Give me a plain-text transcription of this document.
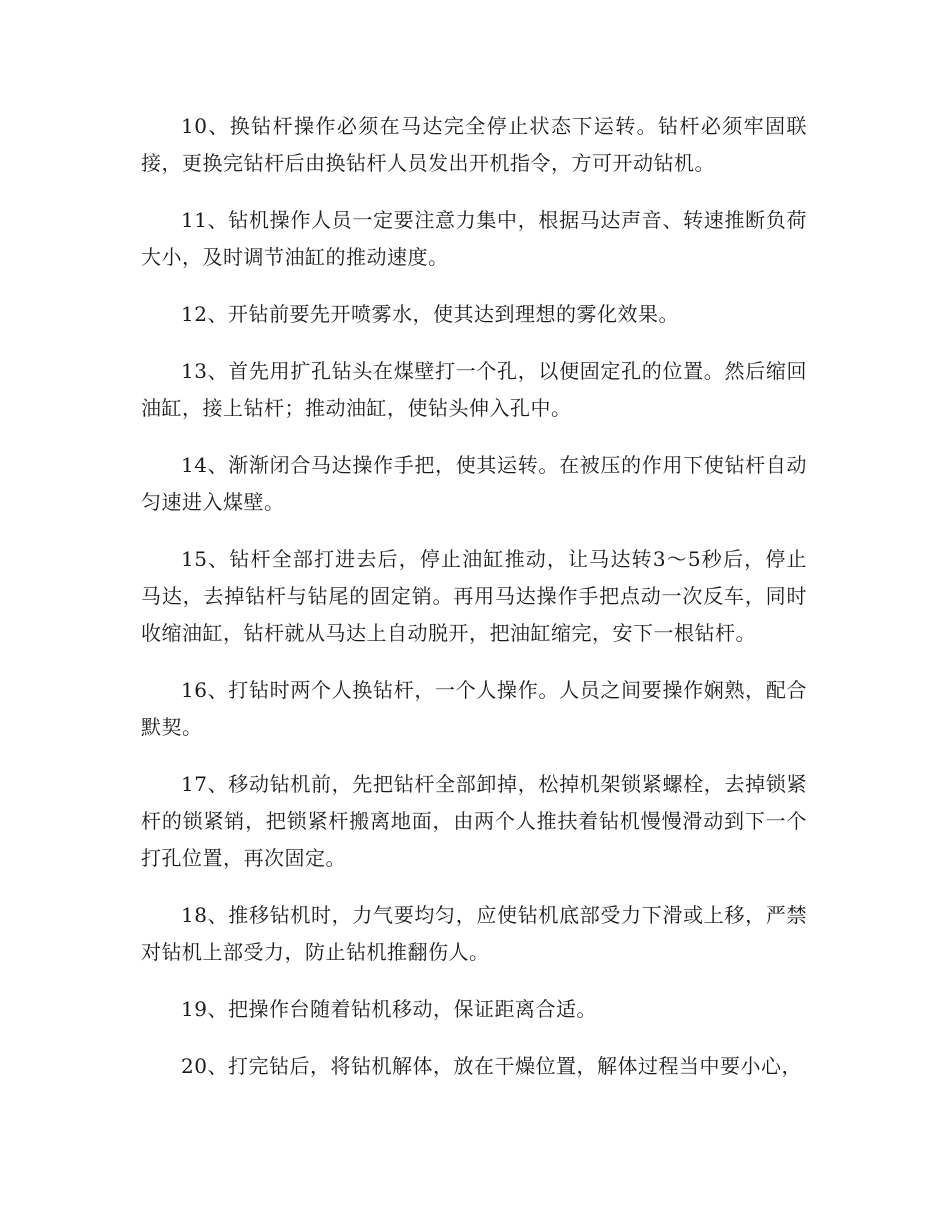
10、换钻杆操作必须在马达完全停止状态下运转。钻杆必须牢固联接，更换完钻杆后由换钻杆人员发出开机指令，方可开动钻机。

11、钻机操作人员一定要注意力集中，根据马达声音、转速推断负荷大小，及时调节油缸的推动速度。

12、开钻前要先开喷雾水，使其达到理想的雾化效果。

13、首先用扩孔钻头在煤壁打一个孔，以便固定孔的位置。然后缩回油缸，接上钻杆；推动油缸，使钻头伸入孔中。

14、渐渐闭合马达操作手把，使其运转。在被压的作用下使钻杆自动匀速进入煤壁。

15、钻杆全部打进去后，停止油缸推动，让马达转3～5秒后，停止马达，去掉钻杆与钻尾的固定销。再用马达操作手把点动一次反车，同时收缩油缸，钻杆就从马达上自动脱开，把油缸缩完，安下一根钻杆。

16、打钻时两个人换钻杆，一个人操作。人员之间要操作娴熟，配合默契。

17、移动钻机前，先把钻杆全部卸掉，松掉机架锁紧螺栓，去掉锁紧杆的锁紧销，把锁紧杆搬离地面，由两个人推扶着钻机慢慢滑动到下一个打孔位置，再次固定。

18、推移钻机时，力气要均匀，应使钻机底部受力下滑或上移，严禁对钻机上部受力，防止钻机推翻伤人。

19、把操作台随着钻机移动，保证距离合适。

20、打完钻后，将钻机解体，放在干燥位置，解体过程当中要小心，
